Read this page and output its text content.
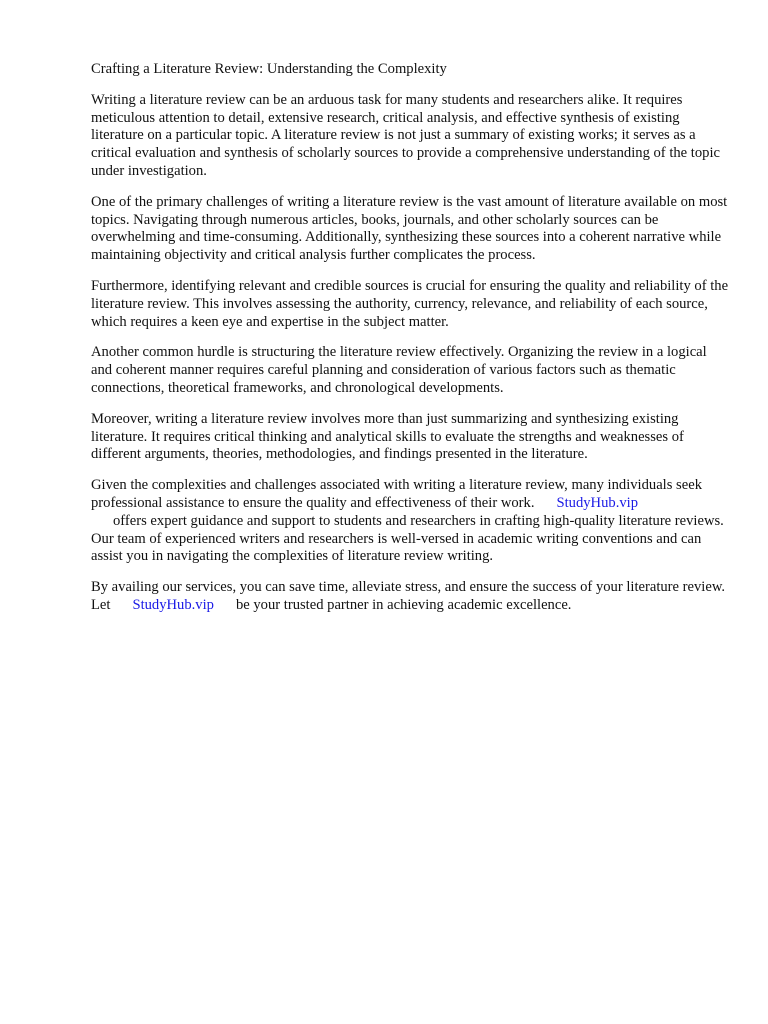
Crafting a Literature Review: Understanding the Complexity

Writing a literature review can be an arduous task for many students and researchers alike. It requires meticulous attention to detail, extensive research, critical analysis, and effective synthesis of existing literature on a particular topic. A literature review is not just a summary of existing works; it serves as a critical evaluation and synthesis of scholarly sources to provide a comprehensive understanding of the topic under investigation.

One of the primary challenges of writing a literature review is the vast amount of literature available on most topics. Navigating through numerous articles, books, journals, and other scholarly sources can be overwhelming and time-consuming. Additionally, synthesizing these sources into a coherent narrative while maintaining objectivity and critical analysis further complicates the process.

Furthermore, identifying relevant and credible sources is crucial for ensuring the quality and reliability of the literature review. This involves assessing the authority, currency, relevance, and reliability of each source, which requires a keen eye and expertise in the subject matter.

Another common hurdle is structuring the literature review effectively. Organizing the review in a logical and coherent manner requires careful planning and consideration of various factors such as thematic connections, theoretical frameworks, and chronological developments.

Moreover, writing a literature review involves more than just summarizing and synthesizing existing literature. It requires critical thinking and analytical skills to evaluate the strengths and weaknesses of different arguments, theories, methodologies, and findings presented in the literature.

Given the complexities and challenges associated with writing a literature review, many individuals seek professional assistance to ensure the quality and effectiveness of their work. StudyHub.vip
offers expert guidance and support to students and researchers in crafting high-quality literature reviews. Our team of experienced writers and researchers is well-versed in academic writing conventions and can assist you in navigating the complexities of literature review writing.

By availing our services, you can save time, alleviate stress, and ensure the success of your literature review. Let StudyHub.vip be your trusted partner in achieving academic excellence.
